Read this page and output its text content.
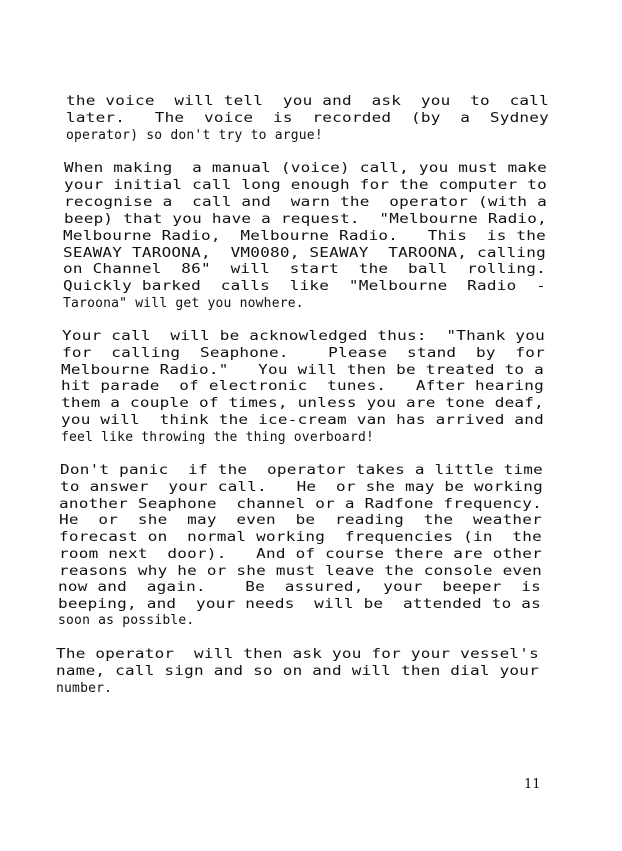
the voice  will tell  you and  ask  you  to  call
later.   The  voice  is  recorded  (by  a  Sydney
operator) so don't try to argue!
When making  a manual (voice) call, you must make
your initial call long enough for the computer to
recognise a  call and  warn the  operator (with a
beep) that you have a request.  "Melbourne Radio,
Melbourne Radio,  Melbourne Radio.   This  is the
SEAWAY TAROONA,  VM0080, SEAWAY  TAROONA, calling
on Channel  86"  will  start  the  ball  rolling.
Quickly barked  calls  like  "Melbourne  Radio  -
Taroona" will get you nowhere.
Your call  will be acknowledged thus:  "Thank you
for  calling  Seaphone.    Please  stand  by  for
Melbourne Radio."   You will then be treated to a
hit parade  of electronic  tunes.   After hearing
them a couple of times, unless you are tone deaf,
you will  think the ice-cream van has arrived and
feel like throwing the thing overboard!
Don't panic  if the  operator takes a little time
to answer  your call.   He  or she may be working
another Seaphone  channel or a Radfone frequency.
He  or  she  may  even  be  reading  the  weather
forecast on  normal working  frequencies (in  the
room next  door).   And of course there are other
reasons why he or she must leave the console even
now and  again.    Be  assured,  your  beeper  is
beeping, and  your needs  will be  attended to as
soon as possible.
The operator  will then ask you for your vessel's
name, call sign and so on and will then dial your
number.
11
